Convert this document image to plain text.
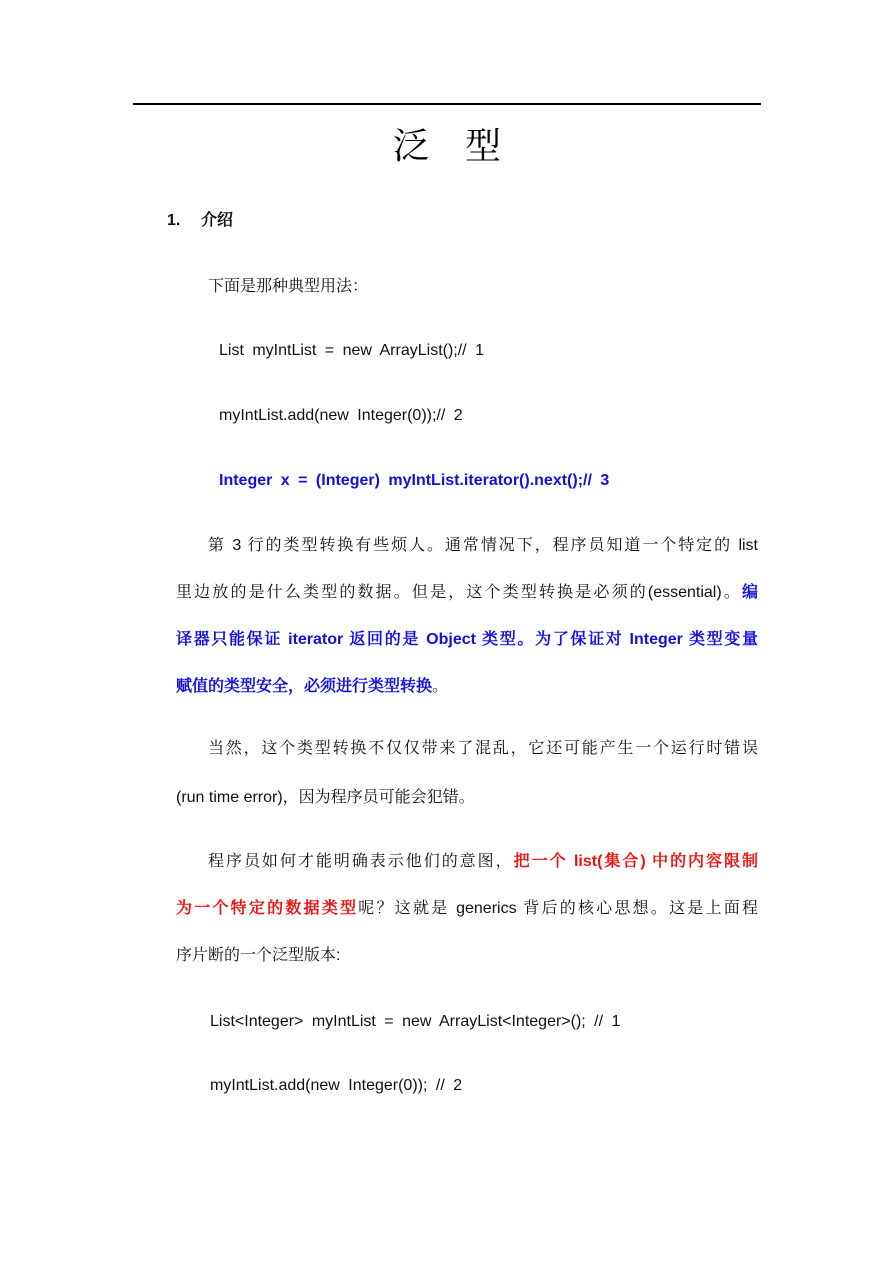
泛型
1. 介绍
下面是那种典型用法：
List myIntList = new ArrayList();// 1
myIntList.add(new Integer(0));// 2
Integer x = (Integer) myIntList.iterator().next();// 3
第 3 行的类型转换有些烦人。通常情况下，程序员知道一个特定的 list
里边放的是什么类型的数据。但是，这个类型转换是必须的(essential)。编
译器只能保证 iterator 返回的是 Object 类型。为了保证对 Integer 类型变量
赋值的类型安全，必须进行类型转换。
当然，这个类型转换不仅仅带来了混乱，它还可能产生一个运行时错误
(run time error)，因为程序员可能会犯错。
程序员如何才能明确表示他们的意图，把一个 list(集合) 中的内容限制
为一个特定的数据类型呢？这就是 generics 背后的核心思想。这是上面程
序片断的一个泛型版本:
List<Integer> myIntList = new ArrayList<Integer>(); // 1
myIntList.add(new Integer(0)); // 2
